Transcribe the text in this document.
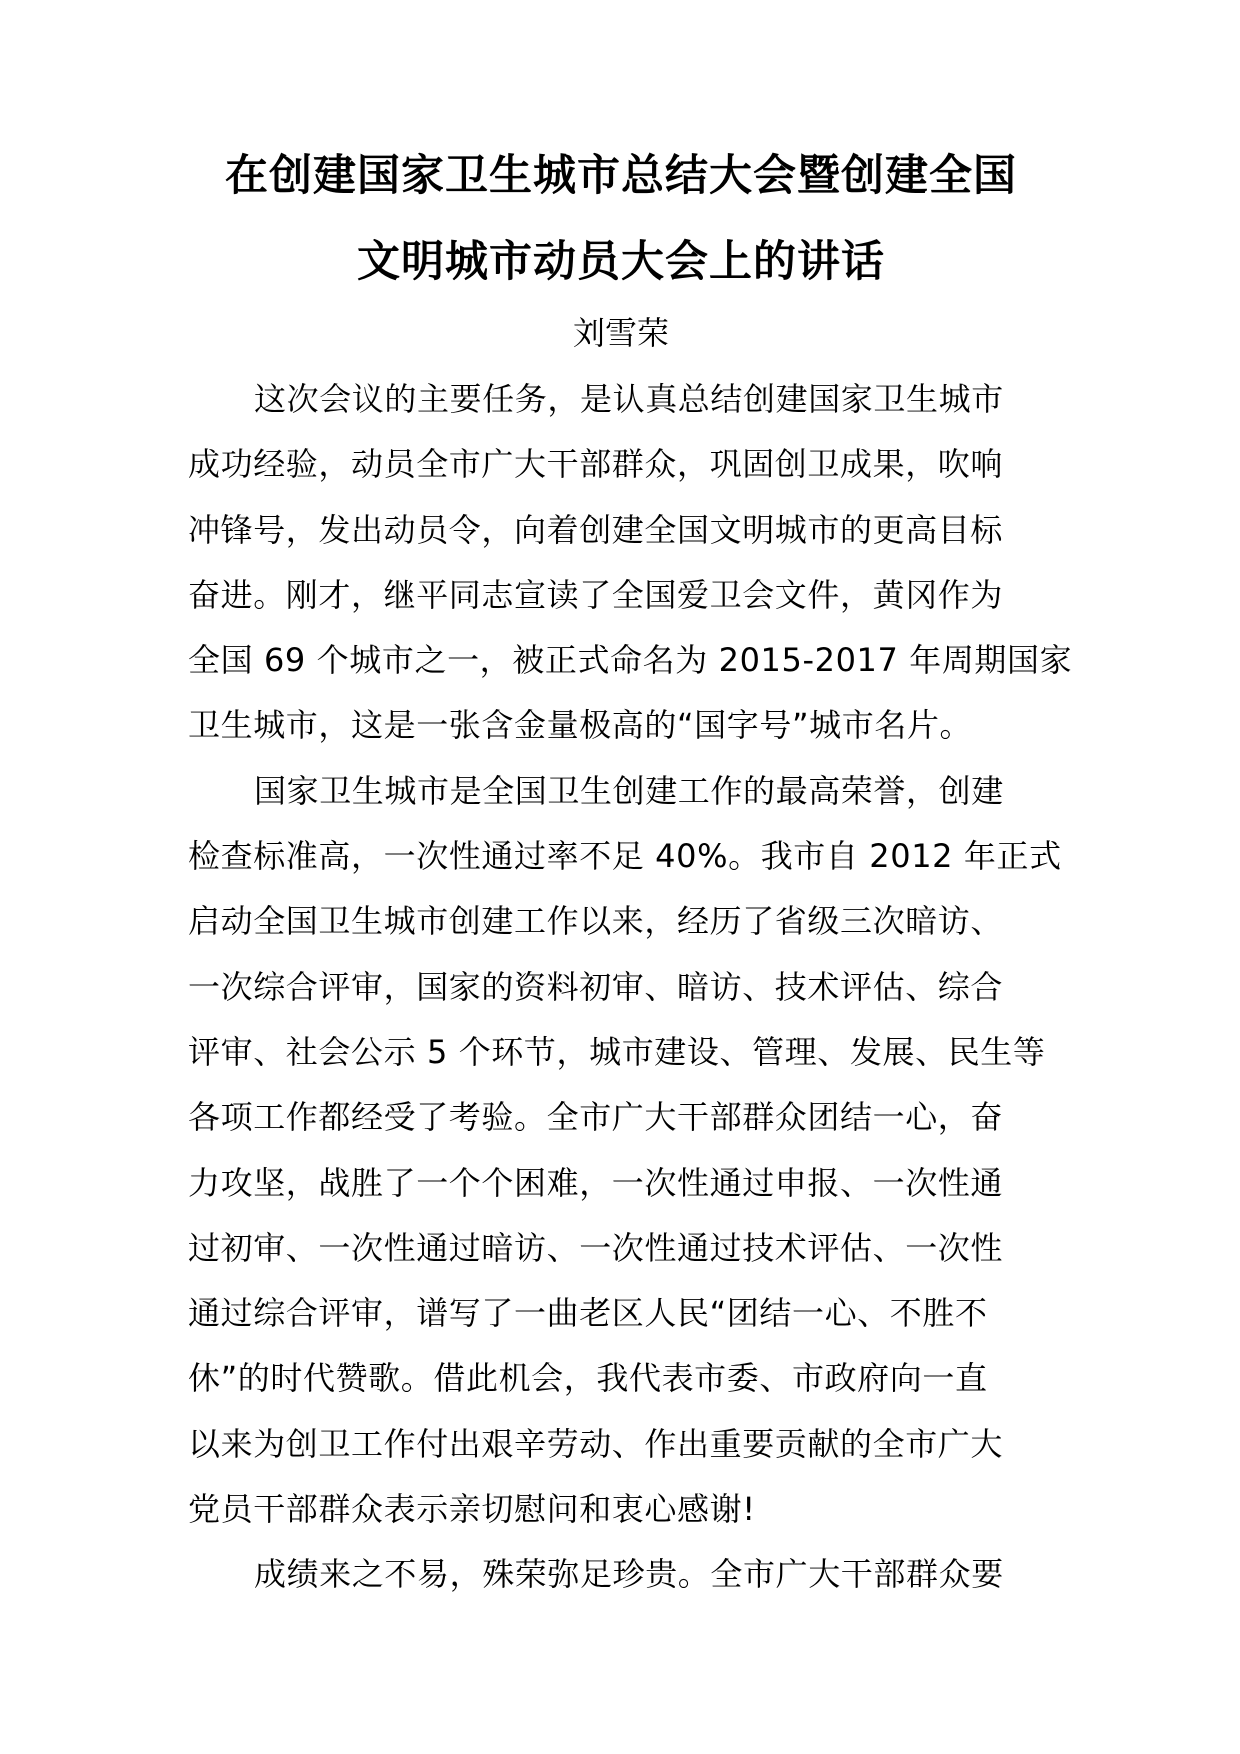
在创建国家卫生城市总结大会暨创建全国
文明城市动员大会上的讲话

刘雪荣

这次会议的主要任务，是认真总结创建国家卫生城市
成功经验，动员全市广大干部群众，巩固创卫成果，吹响
冲锋号，发出动员令，向着创建全国文明城市的更高目标
奋进。刚才，继平同志宣读了全国爱卫会文件，黄冈作为
全国 69 个城市之一，被正式命名为 2015-2017 年周期国家
卫生城市，这是一张含金量极高的“国字号”城市名片。

国家卫生城市是全国卫生创建工作的最高荣誉，创建
检查标准高，一次性通过率不足 40%。我市自 2012 年正式
启动全国卫生城市创建工作以来，经历了省级三次暗访、
一次综合评审，国家的资料初审、暗访、技术评估、综合
评审、社会公示 5 个环节，城市建设、管理、发展、民生等
各项工作都经受了考验。全市广大干部群众团结一心，奋
力攻坚，战胜了一个个困难，一次性通过申报、一次性通
过初审、一次性通过暗访、一次性通过技术评估、一次性
通过综合评审，谱写了一曲老区人民“团结一心、不胜不
休”的时代赞歌。借此机会，我代表市委、市政府向一直
以来为创卫工作付出艰辛劳动、作出重要贡献的全市广大
党员干部群众表示亲切慰问和衷心感谢!

成绩来之不易，殊荣弥足珍贵。全市广大干部群众要
